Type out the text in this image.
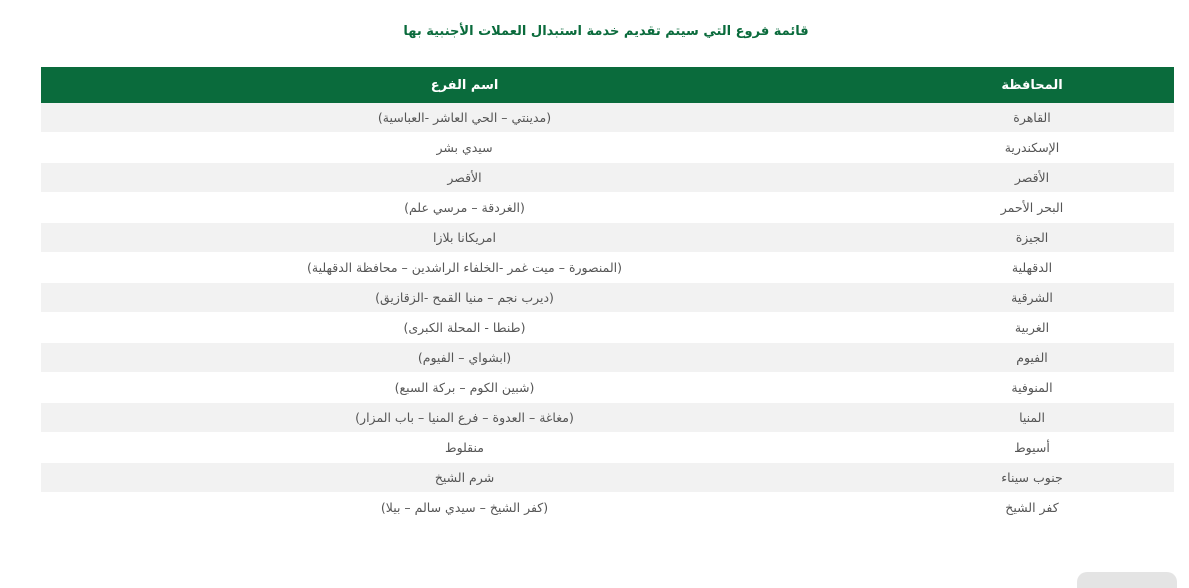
قائمة فروع التي سيتم تقديم خدمة استبدال العملات الأجنبية بها
اسم الفرع	المحافظة
(مدينتي – الحي العاشر -العباسية)	القاهرة
سيدي بشر	الإسكندرية
الأقصر	الأقصر
(الغردقة – مرسي علم)	البحر الأحمر
امريكانا بلازا	الجيزة
(المنصورة – ميت غمر -الخلفاء الراشدين – محافظة الدقهلية)	الدقهلية
(ديرب نجم – منيا القمح -الزقازيق)	الشرقية
(طنطا - المحلة الكبرى)	الغربية
(ابشواي – الفيوم)	الفيوم
(شبين الكوم – بركة السبع)	المنوفية
(مغاغة – العدوة – فرع المنيا – باب المزار)	المنيا
منقلوط	أسيوط
شرم الشيخ	جنوب سيناء
(كفر الشيخ – سيدي سالم – بيلا)	كفر الشيخ
